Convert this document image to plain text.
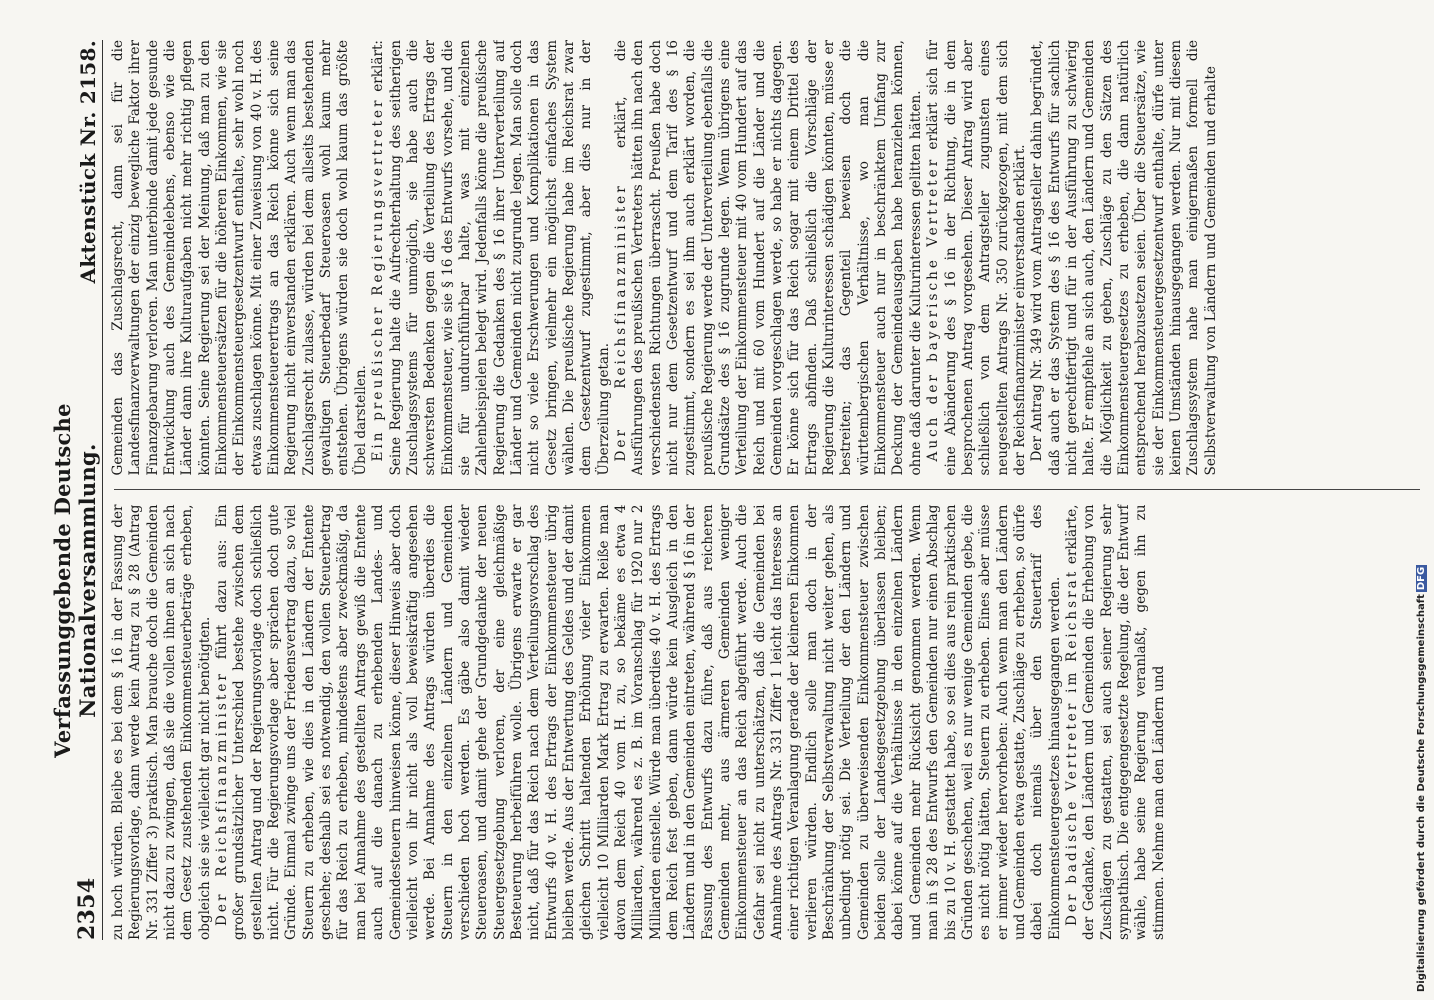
2354
Verfassunggebende Deutsche Nationalversammlung.
Aktenstück Nr. 2158.

zu hoch würden. Bleibe es bei dem § 16 in der Fassung der Regierungsvorlage, dann werde kein Antrag zu § 28 (Antrag Nr. 331 Ziffer 3) praktisch. Man brauche doch die Gemeinden nicht dazu zu zwingen, daß sie die vollen ihnen an sich nach dem Gesetz zustehenden Einkommensteuerbeträge erheben, obgleich sie sie vielleicht gar nicht benötigten. Der Reichsfinanzminister führt dazu aus: Ein großer grundsätzlicher Unterschied bestehe zwischen dem gestellten Antrag und der Regierungsvorlage doch schließlich nicht. Für die Regierungsvorlage aber sprächen doch gute Gründe. Einmal zwinge uns der Friedensvertrag dazu, so viel Steuern zu erheben, wie dies in den Ländern der Entente geschehe; deshalb sei es notwendig, den vollen Steuerbetrag für das Reich zu erheben, mindestens aber zweckmäßig, da man bei Annahme des gestellten Antrags gewiß die Entente auch auf die danach zu erhebenden Landes- und Gemeindesteuern hinweisen könne, dieser Hinweis aber doch vielleicht von ihr nicht als voll beweiskräftig angesehen werde. Bei Annahme des Antrags würden überdies die Steuern in den einzelnen Ländern und Gemeinden verschieden hoch werden. Es gäbe also damit wieder Steueroasen, und damit gehe der Grundgedanke der neuen Steuergesetzgebung verloren, der eine gleichmäßige Besteuerung herbeiführen wolle. Übrigens erwarte er gar nicht, daß für das Reich nach dem Verteilungsvorschlag des Entwurfs 40 v. H. des Ertrags der Einkommensteuer übrig bleiben werde. Aus der Entwertung des Geldes und der damit gleichen Schritt haltenden Erhöhung vieler Einkommen vielleicht 10 Milliarden Mark Ertrag zu erwarten. Reiße man davon dem Reich 40 vom H. zu, so bekäme es etwa 4 Milliarden, während es z. B. im Voranschlag für 1920 nur 2 Milliarden einstelle. Würde man überdies 40 v. H. des Ertrags dem Reich fest geben, dann würde kein Ausgleich in den Ländern und in den Gemeinden eintreten, während § 16 in der Fassung des Entwurfs dazu führe, daß aus reicheren Gemeinden mehr, aus ärmeren Gemeinden weniger Einkommensteuer an das Reich abgeführt werde. Auch die Gefahr sei nicht zu unterschätzen, daß die Gemeinden bei Annahme des Antrags Nr. 331 Ziffer 1 leicht das Interesse an einer richtigen Veranlagung gerade der kleineren Einkommen verlieren würden. Endlich solle man doch in der Beschränkung der Selbstverwaltung nicht weiter gehen, als unbedingt nötig sei. Die Verteilung der den Ländern und Gemeinden zu überweisenden Einkommensteuer zwischen beiden solle der Landesgesetzgebung überlassen bleiben; dabei könne auf die Verhältnisse in den einzelnen Ländern und Gemeinden mehr Rücksicht genommen werden. Wenn man in § 28 des Entwurfs den Gemeinden nur einen Abschlag bis zu 10 v. H. gestattet habe, so sei dies aus rein praktischen Gründen geschehen, weil es nur wenige Gemeinden gebe, die es nicht nötig hätten, Steuern zu erheben. Eines aber müsse er immer wieder hervorheben: Auch wenn man den Ländern und Gemeinden etwa gestatte, Zuschläge zu erheben, so dürfe dabei doch niemals über den Steuertarif des Einkommensteuergesetzes hinausgegangen werden. Der badische Vertreter im Reichsrat erklärte, der Gedanke, den Ländern und Gemeinden die Erhebung von Zuschlägen zu gestatten, sei auch seiner Regierung sehr sympathisch. Die entgegengesetzte Regelung, die der Entwurf wähle, habe seine Regierung veranlaßt, gegen ihn zu stimmen. Nehme man den Ländern und

Gemeinden das Zuschlagsrecht, dann sei für die Landesfinanzverwaltungen der einzig bewegliche Faktor ihrer Finanzgebarung verloren. Man unterbinde damit jede gesunde Entwicklung auch des Gemeindelebens, ebenso wie die Länder dann ihre Kulturaufgaben nicht mehr richtig pflegen könnten. Seine Regierung sei der Meinung, daß man zu den Einkommensteuersätzen für die höheren Einkommen, wie sie der Einkommensteuergesetzentwurf enthalte, sehr wohl noch etwas zuschlagen könne. Mit einer Zuweisung von 40 v. H. des Einkommensteuerertrags an das Reich könne sich seine Regierung nicht einverstanden erklären. Auch wenn man das Zuschlagsrecht zulasse, würden bei dem allseits bestehenden gewaltigen Steuerbedarf Steueroasen wohl kaum mehr entstehen. Übrigens würden sie doch wohl kaum das größte Übel darstellen. Ein preußischer Regierungsvertreter erklärt: Seine Regierung halte die Aufrechterhaltung des seitherigen Zuschlagssystems für unmöglich, sie habe auch die schwersten Bedenken gegen die Verteilung des Ertrags der Einkommensteuer, wie sie § 16 des Entwurfs vorsehe, und die sie für undurchführbar halte, was mit einzelnen Zahlenbeispielen belegt wird. Jedenfalls könne die preußische Regierung die Gedanken des § 16 ihrer Unterverteilung auf Länder und Gemeinden nicht zugrunde legen. Man solle doch nicht so viele Erschwerungen und Komplikationen in das Gesetz bringen, vielmehr ein möglichst einfaches System wählen. Die preußische Regierung habe im Reichsrat zwar dem Gesetzentwurf zugestimmt, aber dies nur in der Überzeilung getan. Der Reichsfinanzminister erklärt, die Ausführungen des preußischen Vertreters hätten ihn nach den verschiedensten Richtungen überrascht. Preußen habe doch nicht nur dem Gesetzentwurf und dem Tarif des § 16 zugestimmt, sondern es sei ihm auch erklärt worden, die preußische Regierung werde der Unterverteilung ebenfalls die Grundsätze des § 16 zugrunde legen. Wenn übrigens eine Verteilung der Einkommensteuer mit 40 vom Hundert auf das Reich und mit 60 vom Hundert auf die Länder und die Gemeinden vorgeschlagen werde, so habe er nichts dagegen. Er könne sich für das Reich sogar mit einem Drittel des Ertrags abfinden. Daß schließlich die Vorschläge der Regierung die Kulturinteressen schädigen könnten, müsse er bestreiten; das Gegenteil beweisen doch die württembergischen Verhältnisse, wo man die Einkommensteuer auch nur in beschränktem Umfang zur Deckung der Gemeindeausgaben habe heranziehen können, ohne daß darunter die Kulturinteressen gelitten hätten. Auch der bayerische Vertreter erklärt sich für eine Abänderung des § 16 in der Richtung, die in dem besprochenen Antrag vorgesehen. Dieser Antrag wird aber schließlich von dem Antragsteller zugunsten eines neugestellten Antrags Nr. 350 zurückgezogen, mit dem sich der Reichsfinanzminister einverstanden erklärt. Der Antrag Nr. 349 wird vom Antragsteller dahin begründet, daß auch er das System des § 16 des Entwurfs für sachlich nicht gerechtfertigt und für in der Ausführung zu schwierig halte. Er empfehle an sich auch, den Ländern und Gemeinden die Möglichkeit zu geben, Zuschläge zu den Sätzen des Einkommensteuergesetzes zu erheben, die dann natürlich entsprechend herabzusetzen seien. Über die Steuersätze, wie sie der Einkommensteuergesetzentwurf enthalte, dürfe unter keinen Umständen hinausgegangen werden. Nur mit diesem Zuschlagssystem nahe man einigermaßen formell die Selbstverwaltung von Ländern und Gemeinden und erhalte

Digitalisierung gefördert durch die Deutsche ForschungsgemeinschaftDFG
